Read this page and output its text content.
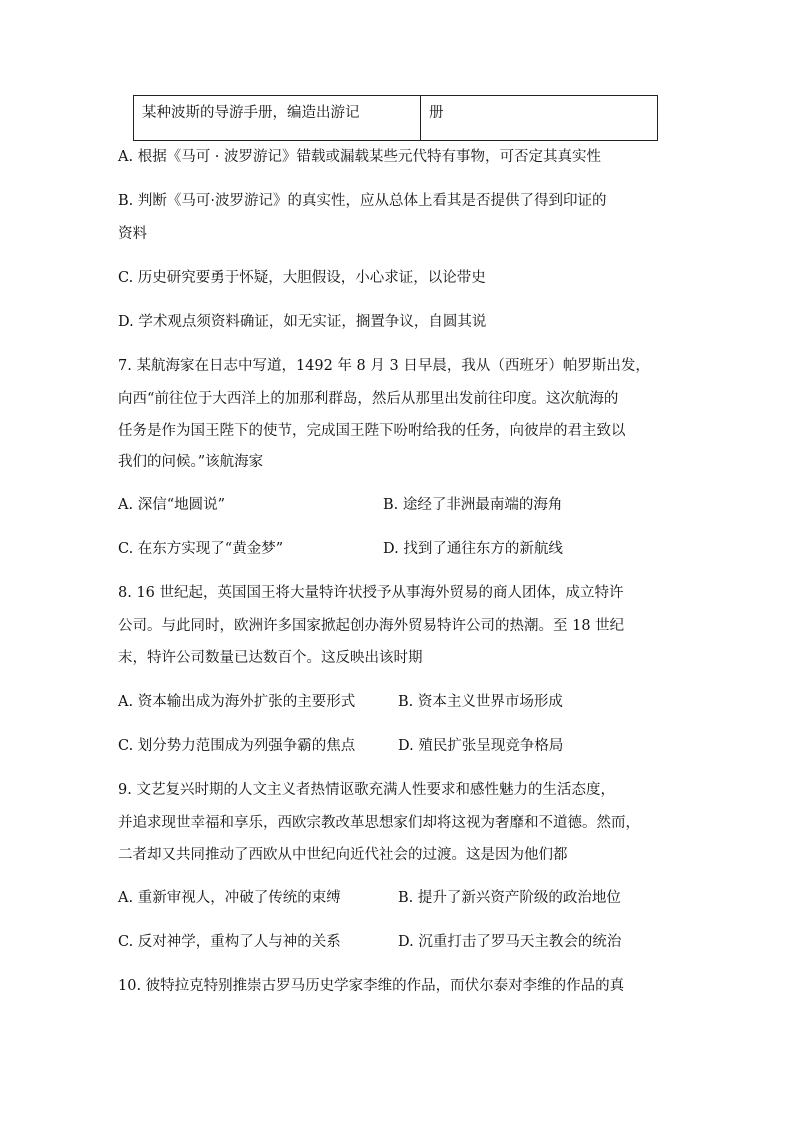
某种波斯的导游手册，编造出游记	册
A. 根据《马可 · 波罗游记》错载或漏载某些元代特有事物，可否定其真实性
B. 判断《马可·波罗游记》的真实性，应从总体上看其是否提供了得到印证的
资料
C. 历史研究要勇于怀疑，大胆假设，小心求证，以论带史
D. 学术观点须资料确证，如无实证，搁置争议，自圆其说
7. 某航海家在日志中写道，1492 年 8 月 3 日早晨，我从（西班牙）帕罗斯出发，
向西“前往位于大西洋上的加那利群岛，然后从那里出发前往印度。这次航海的
任务是作为国王陛下的使节，完成国王陛下吩咐给我的任务，向彼岸的君主致以
我们的问候。”该航海家
A. 深信“地圆说”	B. 途经了非洲最南端的海角
C. 在东方实现了“黄金梦”	D. 找到了通往东方的新航线
8. 16 世纪起，英国国王将大量特许状授予从事海外贸易的商人团体，成立特许
公司。与此同时，欧洲许多国家掀起创办海外贸易特许公司的热潮。至 18 世纪
末，特许公司数量已达数百个。这反映出该时期
A. 资本输出成为海外扩张的主要形式	B. 资本主义世界市场形成
C. 划分势力范围成为列强争霸的焦点	D. 殖民扩张呈现竞争格局
9. 文艺复兴时期的人文主义者热情讴歌充满人性要求和感性魅力的生活态度，
并追求现世幸福和享乐，西欧宗教改革思想家们却将这视为奢靡和不道德。然而，
二者却又共同推动了西欧从中世纪向近代社会的过渡。这是因为他们都
A. 重新审视人，冲破了传统的束缚	B. 提升了新兴资产阶级的政治地位
C. 反对神学，重构了人与神的关系	D. 沉重打击了罗马天主教会的统治
10. 彼特拉克特别推崇古罗马历史学家李维的作品，而伏尔泰对李维的作品的真
